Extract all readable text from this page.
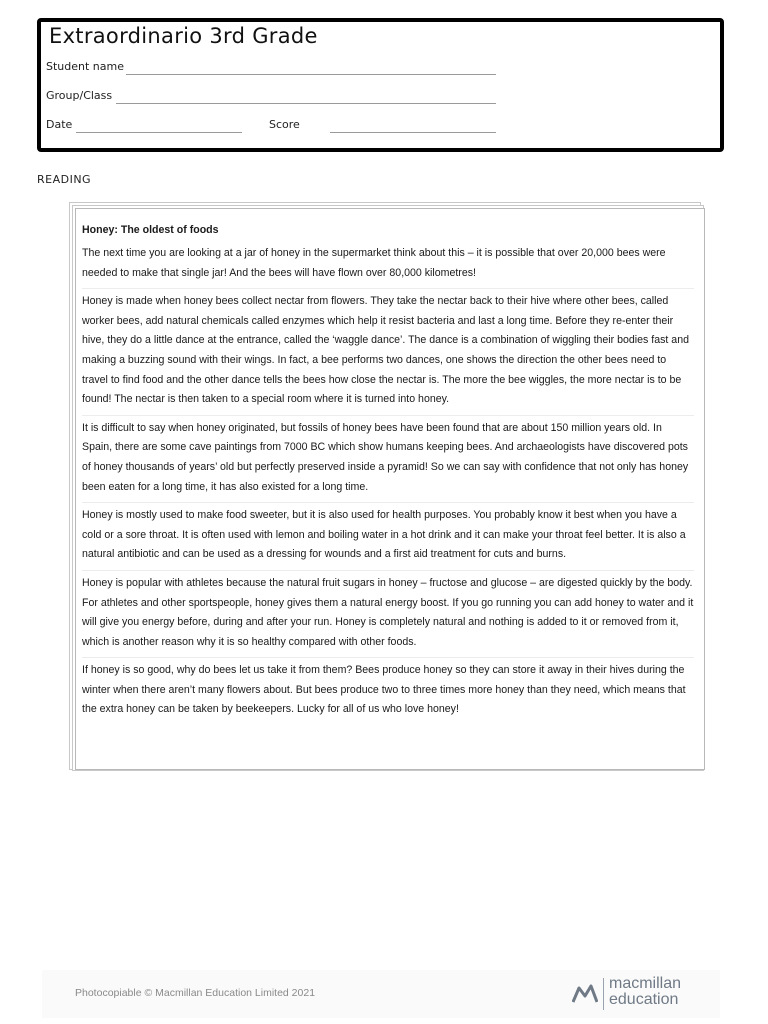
Extraordinario 3rd Grade
Student name
Group/Class
Date	Score
READING
Honey: The oldest of foods

The next time you are looking at a jar of honey in the supermarket think about this – it is possible that over 20,000 bees were needed to make that single jar! And the bees will have flown over 80,000 kilometres!

Honey is made when honey bees collect nectar from flowers. They take the nectar back to their hive where other bees, called worker bees, add natural chemicals called enzymes which help it resist bacteria and last a long time. Before they re-enter their hive, they do a little dance at the entrance, called the ‘waggle dance’. The dance is a combination of wiggling their bodies fast and making a buzzing sound with their wings. In fact, a bee performs two dances, one shows the direction the other bees need to travel to find food and the other dance tells the bees how close the nectar is. The more the bee wiggles, the more nectar is to be found! The nectar is then taken to a special room where it is turned into honey.

It is difficult to say when honey originated, but fossils of honey bees have been found that are about 150 million years old. In Spain, there are some cave paintings from 7000 BC which show humans keeping bees. And archaeologists have discovered pots of honey thousands of years’ old but perfectly preserved inside a pyramid! So we can say with confidence that not only has honey been eaten for a long time, it has also existed for a long time.

Honey is mostly used to make food sweeter, but it is also used for health purposes. You probably know it best when you have a cold or a sore throat. It is often used with lemon and boiling water in a hot drink and it can make your throat feel better. It is also a natural antibiotic and can be used as a dressing for wounds and a first aid treatment for cuts and burns.

Honey is popular with athletes because the natural fruit sugars in honey – fructose and glucose – are digested quickly by the body. For athletes and other sportspeople, honey gives them a natural energy boost. If you go running you can add honey to water and it will give you energy before, during and after your run. Honey is completely natural and nothing is added to it or removed from it, which is another reason why it is so healthy compared with other foods.

If honey is so good, why do bees let us take it from them? Bees produce honey so they can store it away in their hives during the winter when there aren’t many flowers about. But bees produce two to three times more honey than they need, which means that the extra honey can be taken by beekeepers. Lucky for all of us who love honey!

Photocopiable © Macmillan Education Limited 2021
macmillan
education
